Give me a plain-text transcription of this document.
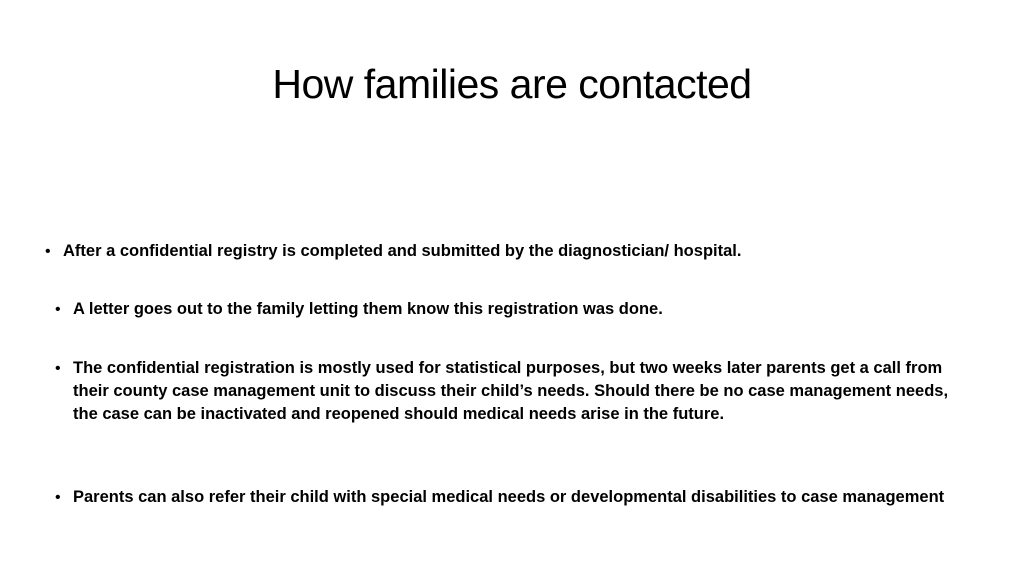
How families are contacted
• After a confidential registry is completed and submitted by the diagnostician/ hospital.
• A letter goes out to the family letting them know this registration was done.
• The confidential registration is mostly used for statistical purposes, but two weeks later parents get a call from their county case management unit to discuss their child’s needs. Should there be no case management needs, the case can be inactivated and reopened should medical needs arise in the future.
• Parents can also refer their child with special medical needs or developmental disabilities to case management
